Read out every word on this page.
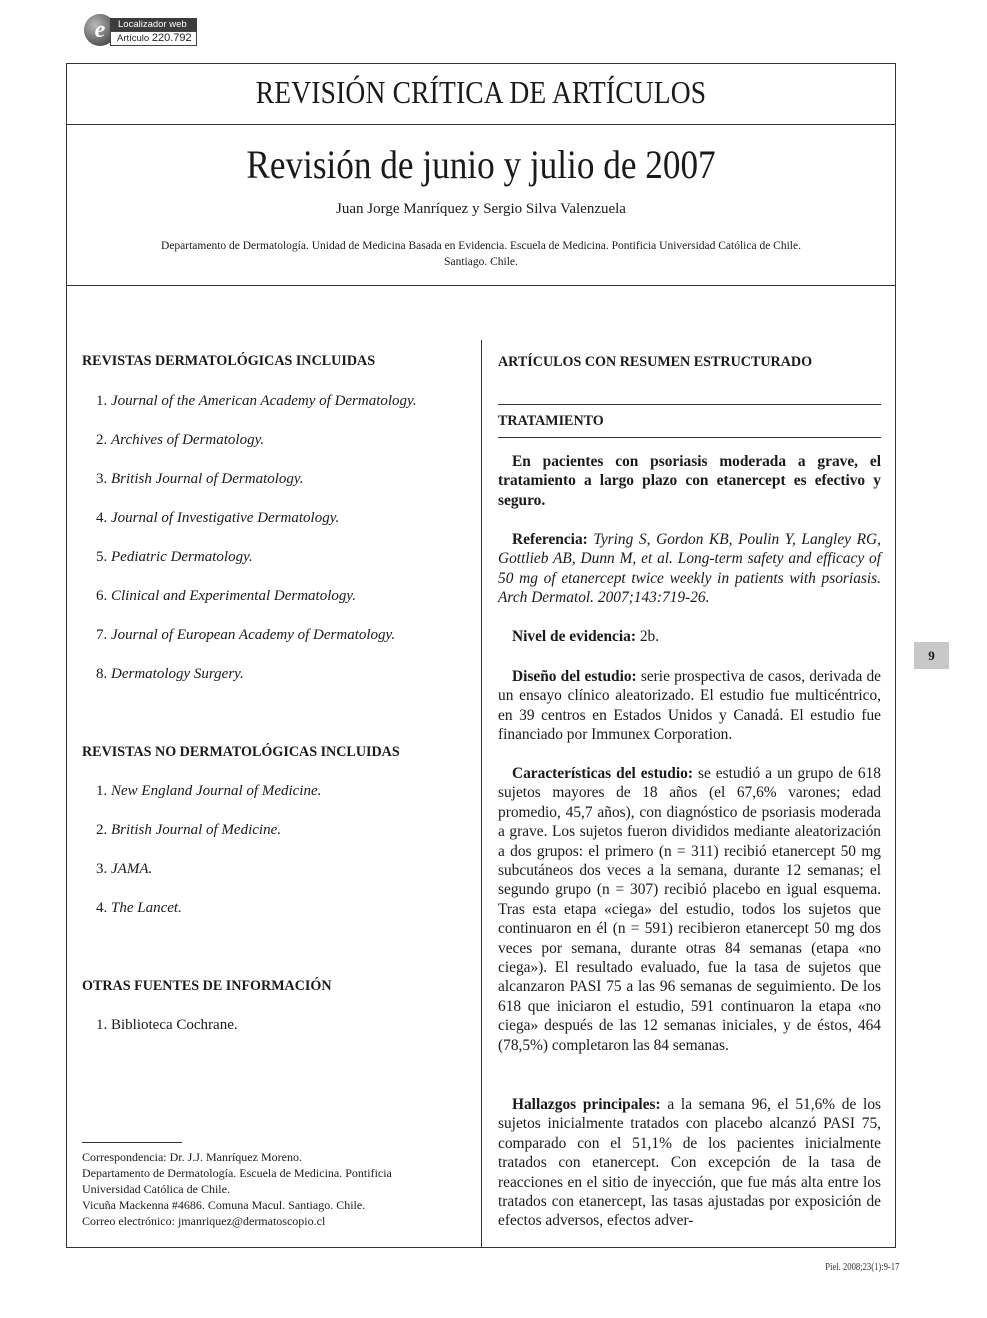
e	Localizador web
Artículo 220.792
REVISIÓN CRÍTICA DE ARTÍCULOS
Revisión de junio y julio de 2007
Juan Jorge Manríquez y Sergio Silva Valenzuela
Departamento de Dermatología. Unidad de Medicina Basada en Evidencia. Escuela de Medicina. Pontificia Universidad Católica de Chile.
Santiago. Chile.
REVISTAS DERMATOLÓGICAS INCLUIDAS
1. Journal of the American Academy of Dermatology.
2. Archives of Dermatology.
3. British Journal of Dermatology.
4. Journal of Investigative Dermatology.
5. Pediatric Dermatology.
6. Clinical and Experimental Dermatology.
7. Journal of European Academy of Dermatology.
8. Dermatology Surgery.
REVISTAS NO DERMATOLÓGICAS INCLUIDAS
1. New England Journal of Medicine.
2. British Journal of Medicine.
3. JAMA.
4. The Lancet.
OTRAS FUENTES DE INFORMACIÓN
1. Biblioteca Cochrane.
Correspondencia: Dr. J.J. Manríquez Moreno.
Departamento de Dermatología. Escuela de Medicina. Pontificia
Universidad Católica de Chile.
Vicuña Mackenna #4686. Comuna Macul. Santiago. Chile.
Correo electrónico: jmanriquez@dermatoscopio.cl
ARTÍCULOS CON RESUMEN ESTRUCTURADO
TRATAMIENTO

En pacientes con psoriasis moderada a grave, el tratamiento a largo plazo con etanercept es efectivo y seguro.

Referencia: Tyring S, Gordon KB, Poulin Y, Langley RG, Gottlieb AB, Dunn M, et al. Long-term safety and efficacy of 50 mg of etanercept twice weekly in patients with psoriasis. Arch Dermatol. 2007;143:719-26.

Nivel de evidencia: 2b.

Diseño del estudio: serie prospectiva de casos, derivada de un ensayo clínico aleatorizado. El estudio fue multicéntrico, en 39 centros en Estados Unidos y Canadá. El estudio fue financiado por Immunex Corporation.

Características del estudio: se estudió a un grupo de 618 sujetos mayores de 18 años (el 67,6% varones; edad promedio, 45,7 años), con diagnóstico de psoriasis moderada a grave. Los sujetos fueron divididos mediante aleatorización a dos grupos: el primero (n = 311) recibió etanercept 50 mg subcutáneos dos veces a la semana, durante 12 semanas; el segundo grupo (n = 307) recibió placebo en igual esquema. Tras esta etapa «ciega» del estudio, todos los sujetos que continuaron en él (n = 591) recibieron etanercept 50 mg dos veces por semana, durante otras 84 semanas (etapa «no ciega»). El resultado evaluado, fue la tasa de sujetos que alcanzaron PASI 75 a las 96 semanas de seguimiento. De los 618 que iniciaron el estudio, 591 continuaron la etapa «no ciega» después de las 12 semanas iniciales, y de éstos, 464 (78,5%) completaron las 84 semanas.

Hallazgos principales: a la semana 96, el 51,6% de los sujetos inicialmente tratados con placebo alcanzó PASI 75, comparado con el 51,1% de los pacientes inicialmente tratados con etanercept. Con excepción de la tasa de reacciones en el sitio de inyección, que fue más alta entre los tratados con etanercept, las tasas ajustadas por exposición de efectos adversos, efectos adver-

9
Piel. 2008;23(1):9-17
